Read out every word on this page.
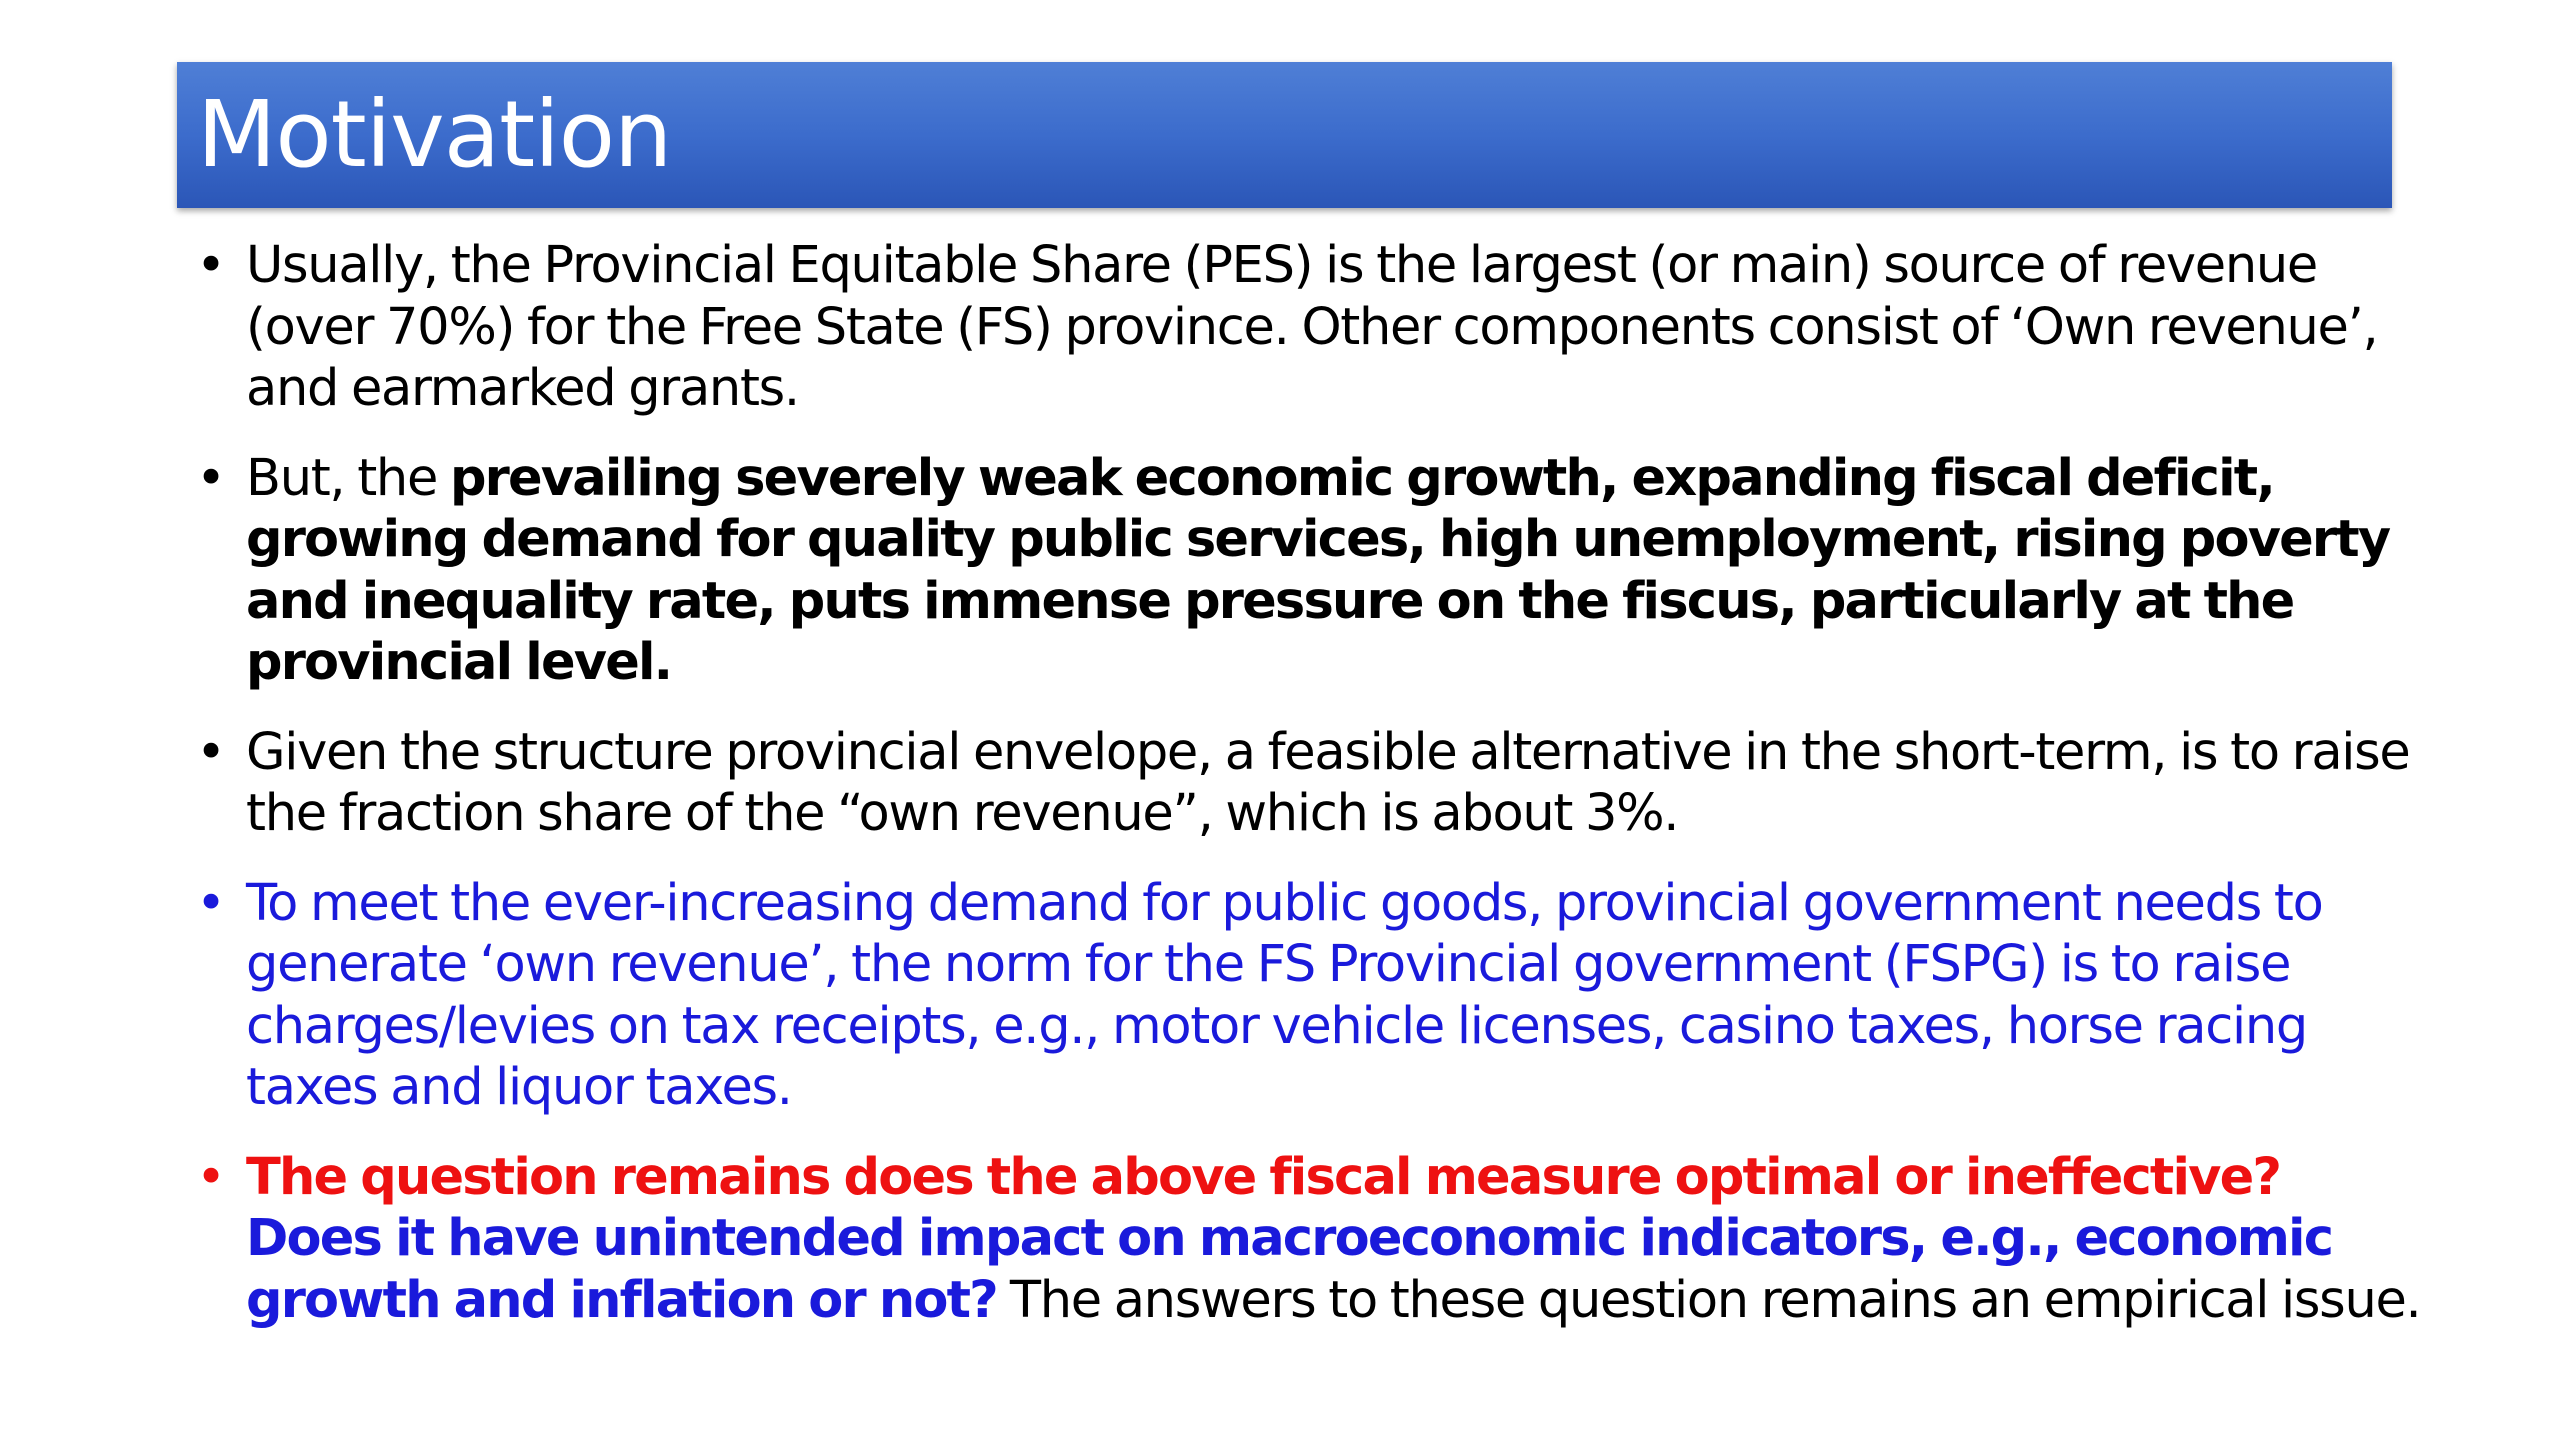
Motivation
• Usually, the Provincial Equitable Share (PES) is the largest (or main) source of revenue (over 70%) for the Free State (FS) province. Other components consist of ‘Own revenue’, and earmarked grants.
• But, the prevailing severely weak economic growth, expanding fiscal deficit, growing demand for quality public services, high unemployment, rising poverty and inequality rate, puts immense pressure on the fiscus, particularly at the provincial level.
• Given the structure provincial envelope, a feasible alternative in the short-term, is to raise the fraction share of the “own revenue”, which is about 3%.
• To meet the ever-increasing demand for public goods, provincial government needs to generate ‘own revenue’, the norm for the FS Provincial government (FSPG) is to raise charges/levies on tax receipts, e.g., motor vehicle licenses, casino taxes, horse racing taxes and liquor taxes.
• The question remains does the above fiscal measure optimal or ineffective? Does it have unintended impact on macroeconomic indicators, e.g., economic growth and inflation or not? The answers to these question remains an empirical issue.
